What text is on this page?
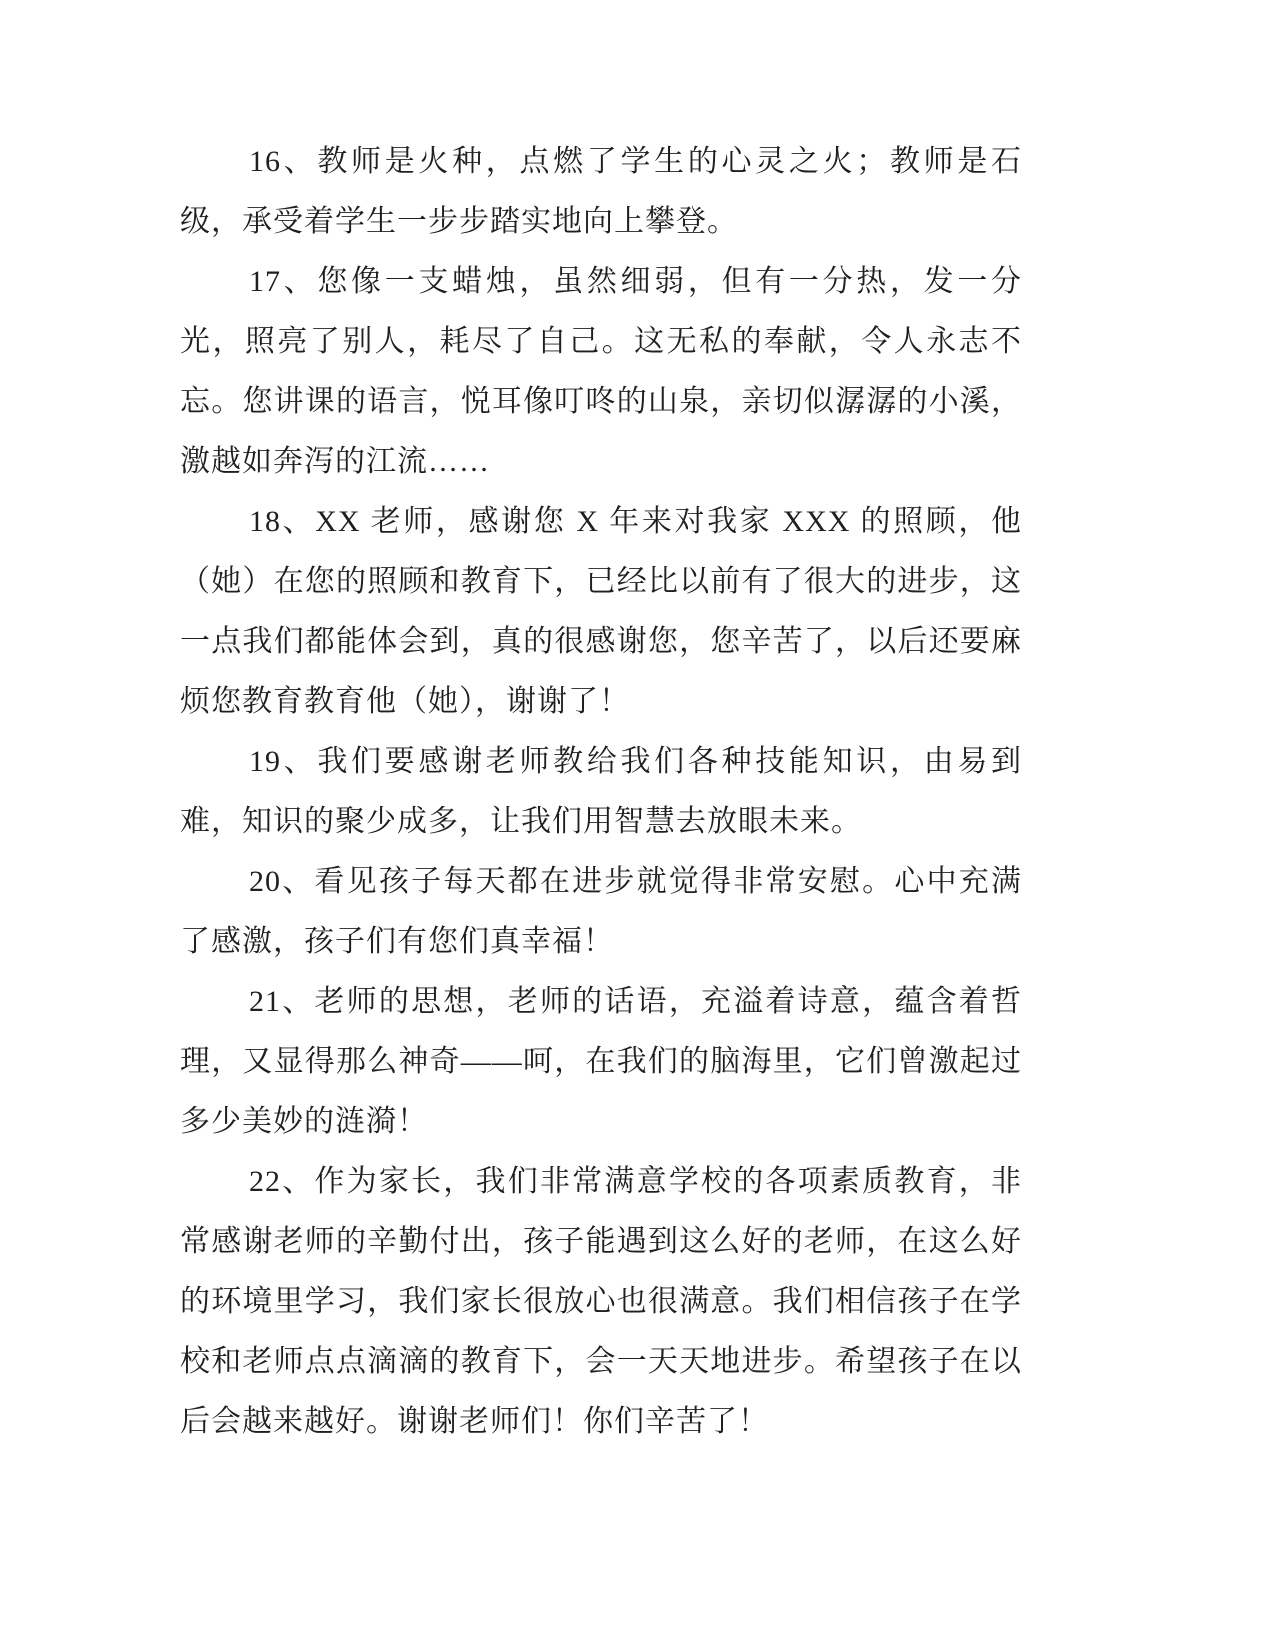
16、教师是火种，点燃了学生的心灵之火；教师是石级，承受着学生一步步踏实地向上攀登。

17、您像一支蜡烛，虽然细弱，但有一分热，发一分光，照亮了别人，耗尽了自己。这无私的奉献，令人永志不忘。您讲课的语言，悦耳像叮咚的山泉，亲切似潺潺的小溪，激越如奔泻的江流……

18、XX 老师，感谢您 X 年来对我家 XXX 的照顾，他（她）在您的照顾和教育下，已经比以前有了很大的进步，这一点我们都能体会到，真的很感谢您，您辛苦了，以后还要麻烦您教育教育他（她），谢谢了！

19、我们要感谢老师教给我们各种技能知识，由易到难，知识的聚少成多，让我们用智慧去放眼未来。

20、看见孩子每天都在进步就觉得非常安慰。心中充满了感激，孩子们有您们真幸福！

21、老师的思想，老师的话语，充溢着诗意，蕴含着哲理，又显得那么神奇——呵，在我们的脑海里，它们曾激起过多少美妙的涟漪！

22、作为家长，我们非常满意学校的各项素质教育，非常感谢老师的辛勤付出，孩子能遇到这么好的老师，在这么好的环境里学习，我们家长很放心也很满意。我们相信孩子在学校和老师点点滴滴的教育下，会一天天地进步。希望孩子在以后会越来越好。谢谢老师们！你们辛苦了！
